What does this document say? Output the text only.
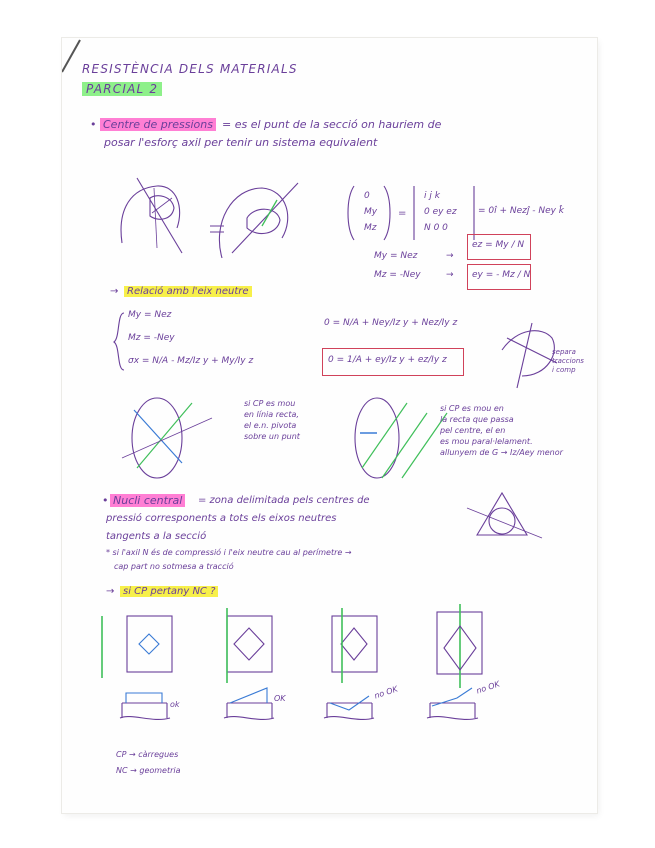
RESISTÈNCIA DELS MATERIALS
PARCIAL 2
• Centre de pressions = es el punt de la secció on hauriem de
posar l'esforç axil per tenir un sistema equivalent
0
My
Mz
=
i j k
0 ey ez
N 0 0
= 0î + Nezĵ - Ney k̂
My = Nez
Mz = -Ney
→
→
ez = My / N
ey = - Mz / N
→ Relació amb l'eix neutre
My = Nez
Mz = -Ney
σx = N/A - Mz/Iz y + My/Iy z
0 = N/A + Ney/Iz y + Nez/Iy z
0 = 1/A + ey/Iz y + ez/Iy z
separa
traccions
i comp
si CP es mou
en línia recta,
el e.n. pivota
sobre un punt
si CP es mou en
la recta que passa
pel centre, el en
es mou paral·lelament.
allunyem de G → Iz/Aey menor
• Nucli central	= zona delimitada pels centres de
pressió corresponents a tots els eixos neutres
tangents a la secció
* si l'axil N és de compressió i l'eix neutre cau al perímetre →
cap part no sotmesa a tracció
→ si CP pertany NC ?
ok
OK	no OK	no OK
CP → càrregues
NC → geometria
